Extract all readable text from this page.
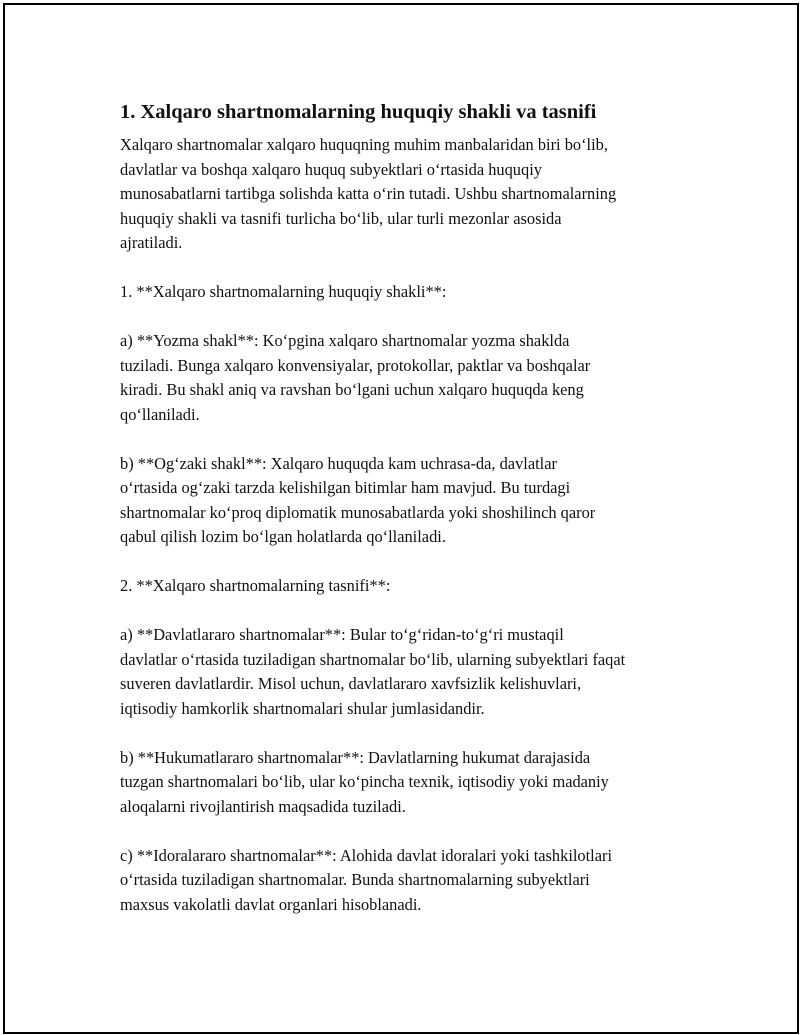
1. Xalqaro shartnomalarning huquqiy shakli va tasnifi

Xalqaro shartnomalar xalqaro huquqning muhim manbalaridan biri bo‘lib,
davlatlar va boshqa xalqaro huquq subyektlari o‘rtasida huquqiy
munosabatlarni tartibga solishda katta o‘rin tutadi. Ushbu shartnomalarning
huquqiy shakli va tasnifi turlicha bo‘lib, ular turli mezonlar asosida
ajratiladi.

1. **Xalqaro shartnomalarning huquqiy shakli**:

a) **Yozma shakl**: Ko‘pgina xalqaro shartnomalar yozma shaklda
tuziladi. Bunga xalqaro konvensiyalar, protokollar, paktlar va boshqalar
kiradi. Bu shakl aniq va ravshan bo‘lgani uchun xalqaro huquqda keng
qo‘llaniladi.

b) **Og‘zaki shakl**: Xalqaro huquqda kam uchrasa-da, davlatlar
o‘rtasida og‘zaki tarzda kelishilgan bitimlar ham mavjud. Bu turdagi
shartnomalar ko‘proq diplomatik munosabatlarda yoki shoshilinch qaror
qabul qilish lozim bo‘lgan holatlarda qo‘llaniladi.

2. **Xalqaro shartnomalarning tasnifi**:

a) **Davlatlararo shartnomalar**: Bular to‘g‘ridan-to‘g‘ri mustaqil
davlatlar o‘rtasida tuziladigan shartnomalar bo‘lib, ularning subyektlari faqat
suveren davlatlardir. Misol uchun, davlatlararo xavfsizlik kelishuvlari,
iqtisodiy hamkorlik shartnomalari shular jumlasidandir.

b) **Hukumatlararo shartnomalar**: Davlatlarning hukumat darajasida
tuzgan shartnomalari bo‘lib, ular ko‘pincha texnik, iqtisodiy yoki madaniy
aloqalarni rivojlantirish maqsadida tuziladi.

c) **Idoralararo shartnomalar**: Alohida davlat idoralari yoki tashkilotlari
o‘rtasida tuziladigan shartnomalar. Bunda shartnomalarning subyektlari
maxsus vakolatli davlat organlari hisoblanadi.
